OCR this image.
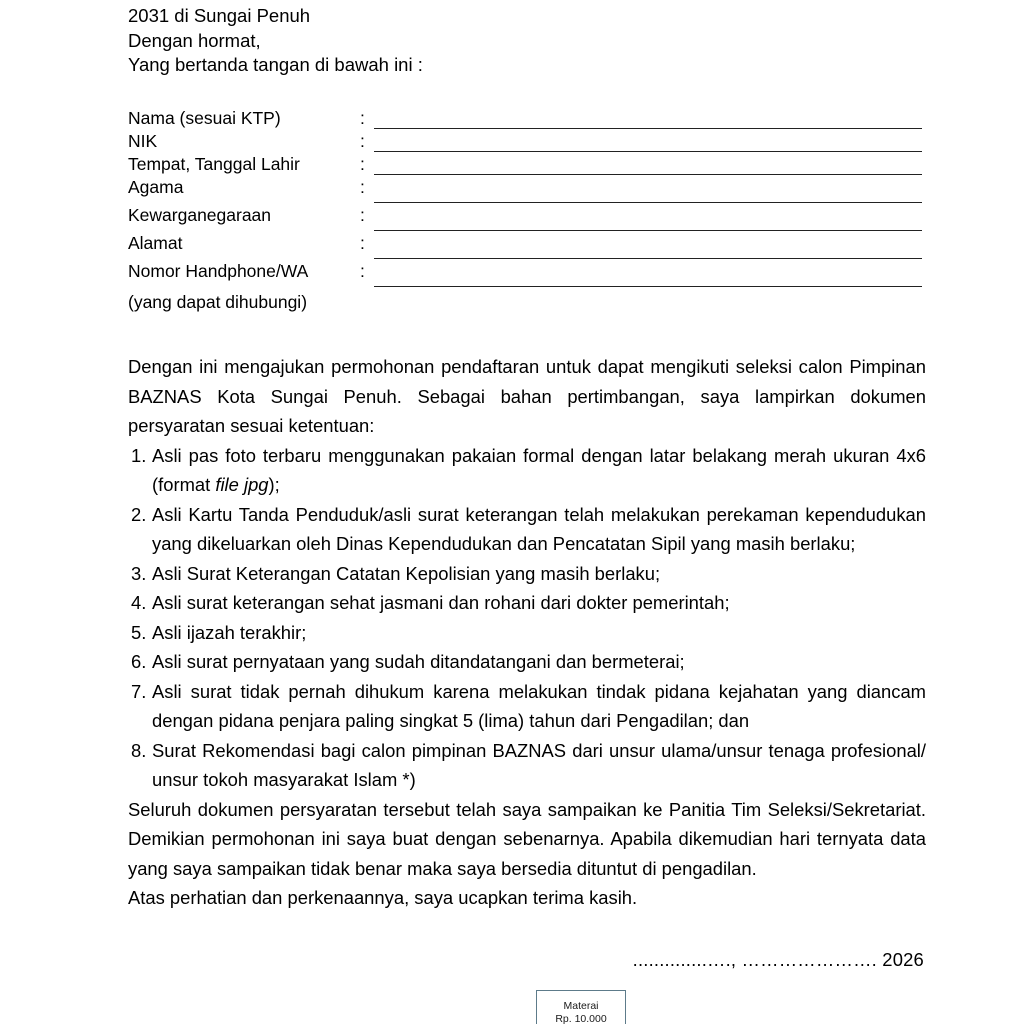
2031 di Sungai Penuh
Dengan hormat,
Yang bertanda tangan di bawah ini :
Nama (sesuai KTP)	:
NIK	:
Tempat, Tanggal Lahir	:
Agama	:
Kewarganegaraan	:
Alamat	:
Nomor Handphone/WA	:
(yang dapat dihubungi)

Dengan ini mengajukan permohonan pendaftaran untuk dapat mengikuti seleksi calon Pimpinan BAZNAS Kota Sungai Penuh. Sebagai bahan pertimbangan, saya lampirkan dokumen persyaratan sesuai ketentuan:

1. Asli pas foto terbaru menggunakan pakaian formal dengan latar belakang merah ukuran 4x6 (format file jpg);
2. Asli Kartu Tanda Penduduk/asli surat keterangan telah melakukan perekaman kependudukan yang dikeluarkan oleh Dinas Kependudukan dan Pencatatan Sipil yang masih berlaku;
3. Asli Surat Keterangan Catatan Kepolisian yang masih berlaku;
4. Asli surat keterangan sehat jasmani dan rohani dari dokter pemerintah;
5. Asli ijazah terakhir;
6. Asli surat pernyataan yang sudah ditandatangani dan bermeterai;
7. Asli surat tidak pernah dihukum karena melakukan tindak pidana kejahatan yang diancam dengan pidana penjara paling singkat 5 (lima) tahun dari Pengadilan; dan
8. Surat Rekomendasi bagi calon pimpinan BAZNAS dari unsur ulama/unsur tenaga profesional/ unsur tokoh masyarakat Islam *)

Seluruh dokumen persyaratan tersebut telah saya sampaikan ke Panitia Tim Seleksi/Sekretariat. Demikian permohonan ini saya buat dengan sebenarnya. Apabila dikemudian hari ternyata data yang saya sampaikan tidak benar maka saya bersedia dituntut di pengadilan.

Atas perhatian dan perkenaannya, saya ucapkan terima kasih.

..............…., …………………. 2026
Materai
Rp. 10.000
